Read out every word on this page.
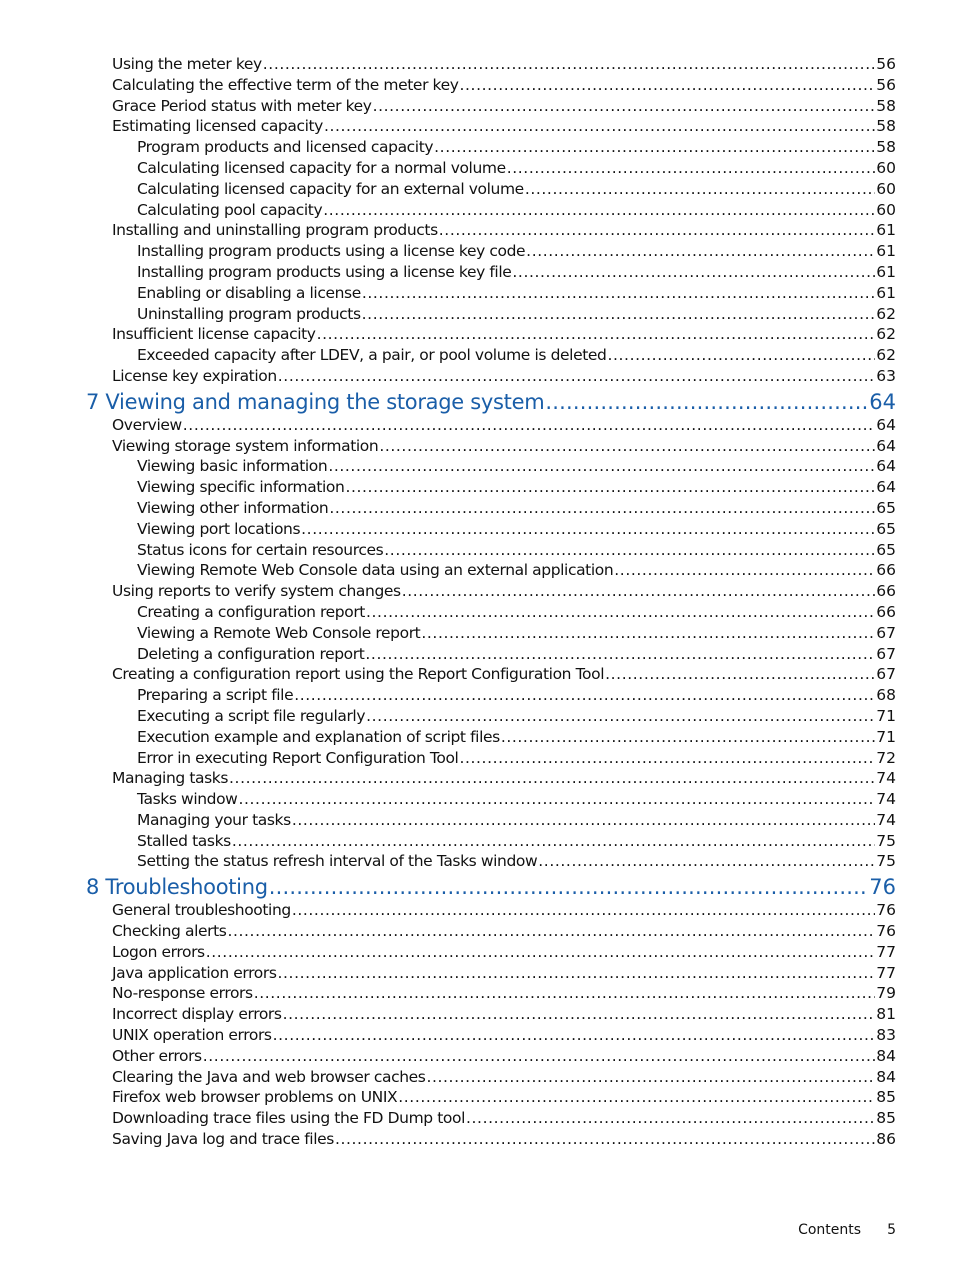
Using the meter key .....	56
Calculating the effective term of the meter key .....	56
Grace Period status with meter key .....	58
Estimating licensed capacity .....	58
Program products and licensed capacity .....	58
Calculating licensed capacity for a normal volume .....	60
Calculating licensed capacity for an external volume .....	60
Calculating pool capacity .....	60
Installing and uninstalling program products .....	61
Installing program products using a license key code .....	61
Installing program products using a license key file .....	61
Enabling or disabling a license .....	61
Uninstalling program products .....	62
Insufficient license capacity .....	62
Exceeded capacity after LDEV, a pair, or pool volume is deleted .....	62
License key expiration .....	63
7 Viewing and managing the storage system .....	64
Overview .....	64
Viewing storage system information .....	64
Viewing basic information .....	64
Viewing specific information .....	64
Viewing other information .....	65
Viewing port locations .....	65
Status icons for certain resources .....	65
Viewing Remote Web Console data using an external application .....	66
Using reports to verify system changes .....	66
Creating a configuration report .....	66
Viewing a Remote Web Console report .....	67
Deleting a configuration report .....	67
Creating a configuration report using the Report Configuration Tool .....	67
Preparing a script file .....	68
Executing a script file regularly .....	71
Execution example and explanation of script files .....	71
Error in executing Report Configuration Tool .....	72
Managing tasks .....	74
Tasks window .....	74
Managing your tasks .....	74
Stalled tasks .....	75
Setting the status refresh interval of the Tasks window .....	75
8 Troubleshooting .....	76
General troubleshooting .....	76
Checking alerts .....	76
Logon errors .....	77
Java application errors .....	77
No-response errors .....	79
Incorrect display errors .....	81
UNIX operation errors .....	83
Other errors .....	84
Clearing the Java and web browser caches .....	84
Firefox web browser problems on UNIX .....	85
Downloading trace files using the FD Dump tool .....	85
Saving Java log and trace files .....	86
Contents 5
